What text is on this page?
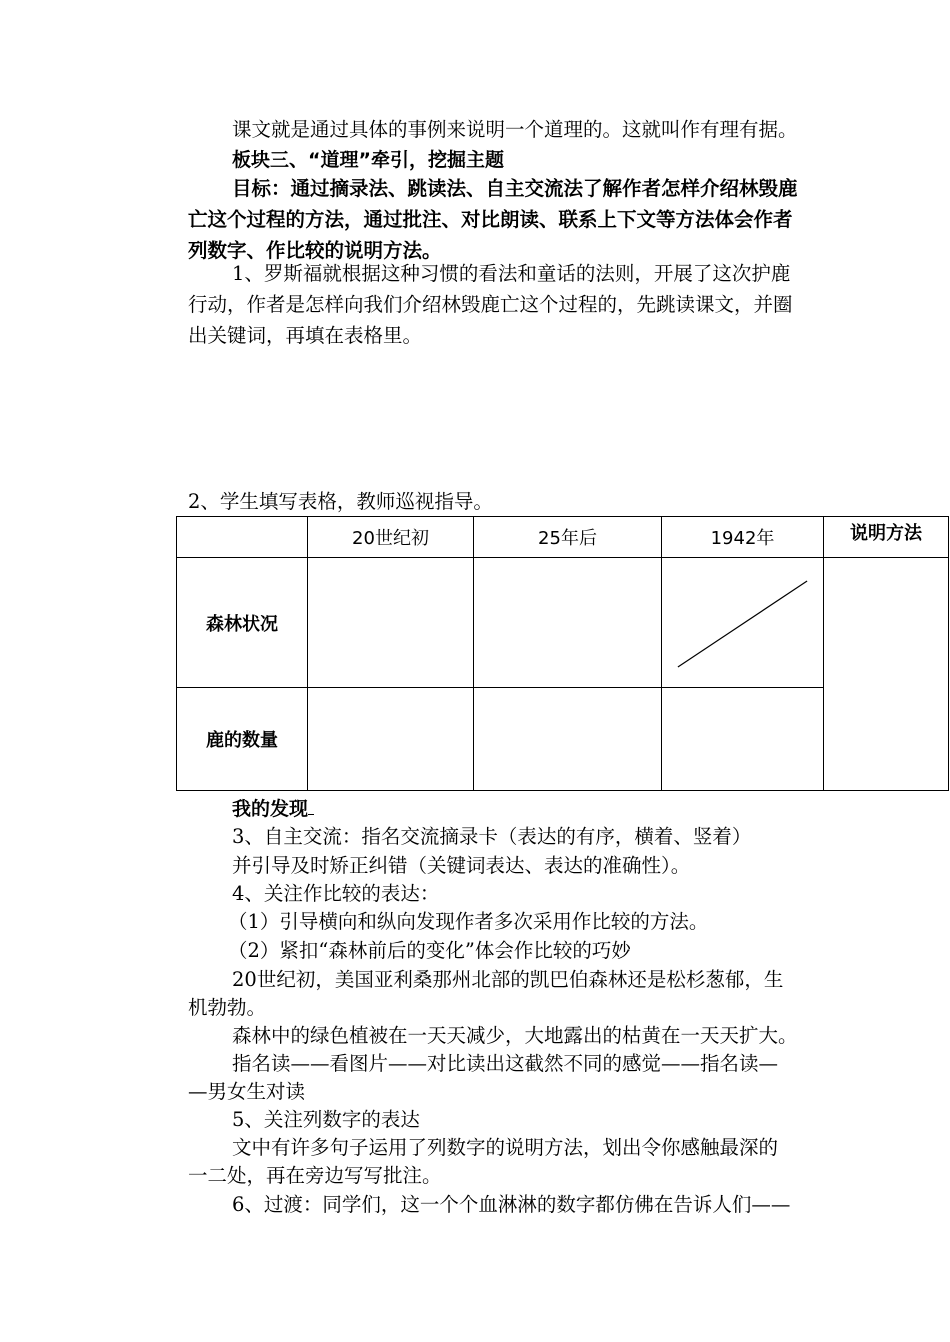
课文就是通过具体的事例来说明一个道理的。这就叫作有理有据。
板块三、“道理”牵引，挖掘主题
目标：通过摘录法、跳读法、自主交流法了解作者怎样介绍林毁鹿
亡这个过程的方法，通过批注、对比朗读、联系上下文等方法体会作者
列数字、作比较的说明方法。
1、罗斯福就根据这种习惯的看法和童话的法则，开展了这次护鹿
行动，作者是怎样向我们介绍林毁鹿亡这个过程的，先跳读课文，并圈
出关键词，再填在表格里。
2、学生填写表格，教师巡视指导。
	20世纪初	25年后	1942年	说明方法
森林状况			

鹿的数量				
我的发现
3、自主交流：指名交流摘录卡（表达的有序，横着、竖着）
并引导及时矫正纠错（关键词表达、表达的准确性）。
4、关注作比较的表达：
（1）引导横向和纵向发现作者多次采用作比较的方法。
（2）紧扣“森林前后的变化”体会作比较的巧妙
20世纪初，美国亚利桑那州北部的凯巴伯森林还是松杉葱郁，生
机勃勃。
森林中的绿色植被在一天天减少，大地露出的枯黄在一天天扩大。
指名读——看图片——对比读出这截然不同的感觉——指名读—
—男女生对读
5、关注列数字的表达
文中有许多句子运用了列数字的说明方法，划出令你感触最深的
一二处，再在旁边写写批注。
6、过渡：同学们，这一个个血淋淋的数字都仿佛在告诉人们——
